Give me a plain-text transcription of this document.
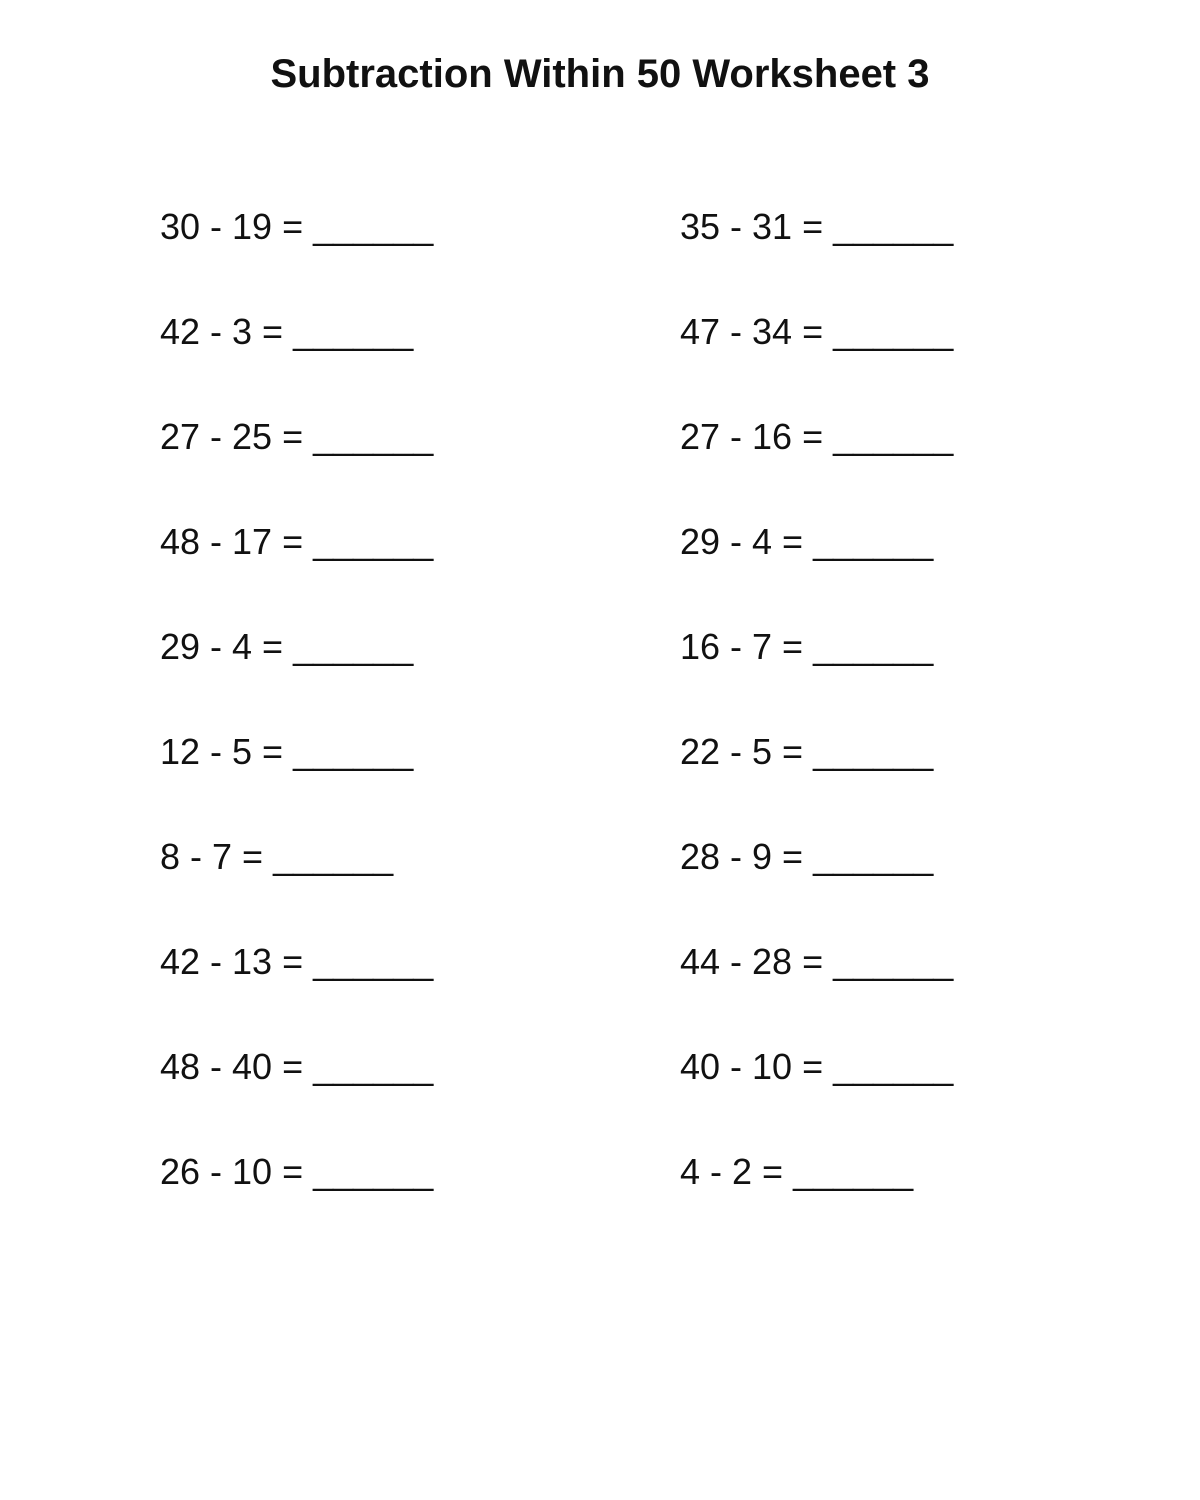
Subtraction Within 50 Worksheet 3
30 - 19 = ______	35 - 31 = ______
42 - 3 = ______	47 - 34 = ______
27 - 25 = ______	27 - 16 = ______
48 - 17 = ______	29 - 4 = ______
29 - 4 = ______	16 - 7 = ______
12 - 5 = ______	22 - 5 = ______
8 - 7 = ______	28 - 9 = ______
42 - 13 = ______	44 - 28 = ______
48 - 40 = ______	40 - 10 = ______
26 - 10 = ______	4 - 2 = ______
